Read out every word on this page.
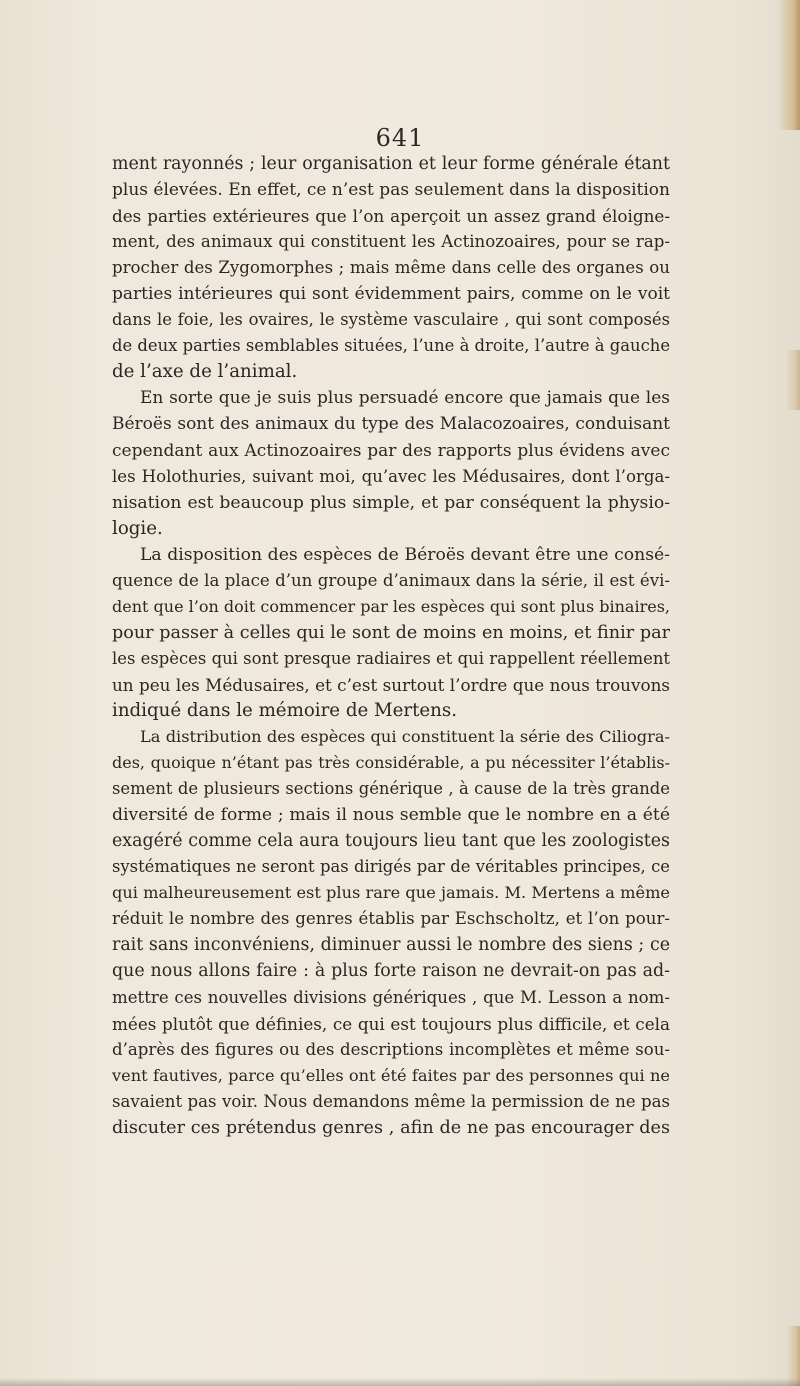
641
ment rayonnés ; leur organisation et leur forme générale étant
plus élevées. En effet, ce n’est pas seulement dans la disposition
des parties extérieures que l’on aperçoit un assez grand éloigne-
ment, des animaux qui constituent les Actinozoaires, pour se rap-
procher des Zygomorphes ; mais même dans celle des organes ou
parties intérieures qui sont évidemment pairs, comme on le voit
dans le foie, les ovaires, le système vasculaire , qui sont composés
de deux parties semblables situées, l’une à droite, l’autre à gauche
de l’axe de l’animal.
En sorte que je suis plus persuadé encore que jamais que les
Béroës sont des animaux du type des Malacozoaires, conduisant
cependant aux Actinozoaires par des rapports plus évidens avec
les Holothuries, suivant moi, qu’avec les Médusaires, dont l’orga-
nisation est beaucoup plus simple, et par conséquent la physio-
logie.
La disposition des espèces de Béroës devant être une consé-
quence de la place d’un groupe d’animaux dans la série, il est évi-
dent que l’on doit commencer par les espèces qui sont plus binaires,
pour passer à celles qui le sont de moins en moins, et finir par
les espèces qui sont presque radiaires et qui rappellent réellement
un peu les Médusaires, et c’est surtout l’ordre que nous trouvons
indiqué dans le mémoire de Mertens.
La distribution des espèces qui constituent la série des Ciliogra-
des, quoique n’étant pas très considérable, a pu nécessiter l’établis-
sement de plusieurs sections générique , à cause de la très grande
diversité de forme ; mais il nous semble que le nombre en a été
exagéré comme cela aura toujours lieu tant que les zoologistes
systématiques ne seront pas dirigés par de véritables principes, ce
qui malheureusement est plus rare que jamais. M. Mertens a même
réduit le nombre des genres établis par Eschscholtz, et l’on pour-
rait sans inconvéniens, diminuer aussi le nombre des siens ; ce
que nous allons faire : à plus forte raison ne devrait-on pas ad-
mettre ces nouvelles divisions génériques , que M. Lesson a nom-
mées plutôt que définies, ce qui est toujours plus difficile, et cela
d’après des figures ou des descriptions incomplètes et même sou-
vent fautives, parce qu’elles ont été faites par des personnes qui ne
savaient pas voir. Nous demandons même la permission de ne pas
discuter ces prétendus genres , afin de ne pas encourager des
